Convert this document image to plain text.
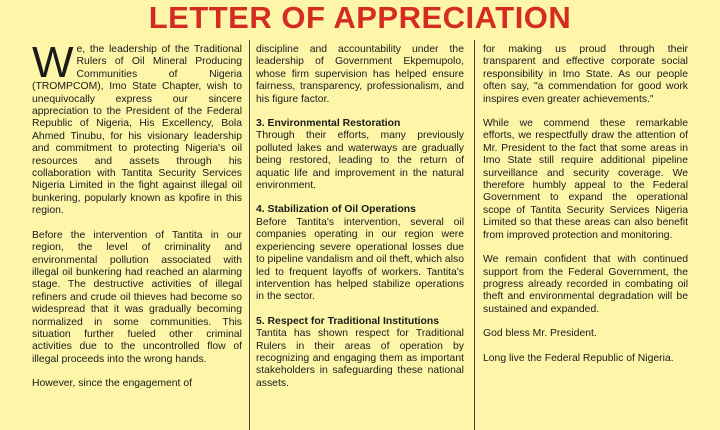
LETTER OF APPRECIATION

We, the leadership of the Traditional Rulers of Oil Mineral Producing Communities of Nigeria (TROMPCOM), Imo State Chapter, wish to unequivocally express our sincere appreciation to the President of the Federal Republic of Nigeria, His Excellency, Bola Ahmed Tinubu, for his visionary leadership and commitment to protecting Nigeria's oil resources and assets through his collaboration with Tantita Security Services Nigeria Limited in the fight against illegal oil bunkering, popularly known as kpofire in this region.

Before the intervention of Tantita in our region, the level of criminality and environmental pollution associated with illegal oil bunkering had reached an alarming stage. The destructive activities of illegal refiners and crude oil thieves had become so widespread that it was gradually becoming normalized in some communities. This situation further fueled other criminal activities due to the uncontrolled flow of illegal proceeds into the wrong hands.

However, since the engagement of

discipline and accountability under the leadership of Government Ekpemupolo, whose firm supervision has helped ensure fairness, transparency, professionalism, and his figure factor.

3. Environmental Restoration

Through their efforts, many previously polluted lakes and waterways are gradually being restored, leading to the return of aquatic life and improvement in the natural environment.

4. Stabilization of Oil Operations

Before Tantita's intervention, several oil companies operating in our region were experiencing severe operational losses due to pipeline vandalism and oil theft, which also led to frequent layoffs of workers. Tantita's intervention has helped stabilize operations in the sector.

5. Respect for Traditional Institutions

Tantita has shown respect for Traditional Rulers in their areas of operation by recognizing and engaging them as important stakeholders in safeguarding these national assets.

for making us proud through their transparent and effective corporate social responsibility in Imo State. As our people often say, "a commendation for good work inspires even greater achievements."

While we commend these remarkable efforts, we respectfully draw the attention of Mr. President to the fact that some areas in Imo State still require additional pipeline surveillance and security coverage. We therefore humbly appeal to the Federal Government to expand the operational scope of Tantita Security Services Nigeria Limited so that these areas can also benefit from improved protection and monitoring.

We remain confident that with continued support from the Federal Government, the progress already recorded in combating oil theft and environmental degradation will be sustained and expanded.

God bless Mr. President.

Long live the Federal Republic of Nigeria.
